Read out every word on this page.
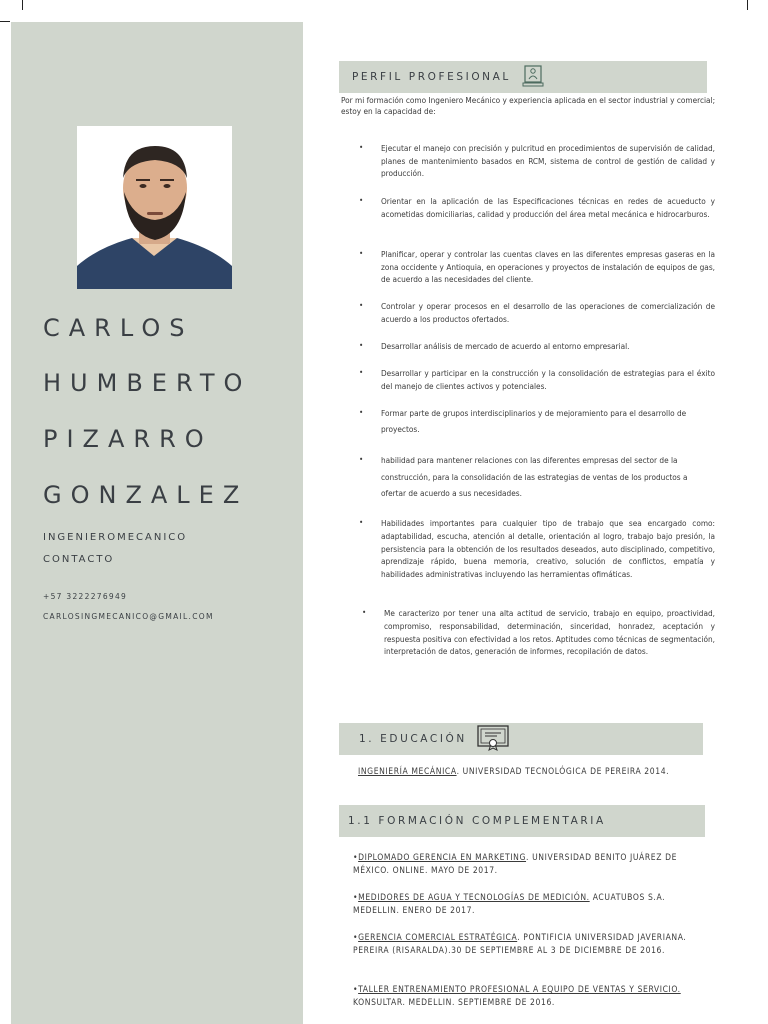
CARLOS
HUMBERTO
PIZARRO
GONZALEZ
INGENIEROMECANICO
CONTACTO
+57 3222276949
CARLOSINGMECANICO@GMAIL.COM
PERFIL PROFESIONAL

Por mi formación como Ingeniero Mecánico y experiencia aplicada en el sector industrial y comercial; estoy en la capacidad de:

•	Ejecutar el manejo con precisión y pulcritud en procedimientos de supervisión de calidad, planes de mantenimiento basados en RCM, sistema de control de gestión de calidad y producción.
•	Orientar en la aplicación de las Especificaciones técnicas en redes de acueducto y acometidas domiciliarias, calidad y producción del área metal mecánica e hidrocarburos.
•	Planificar, operar y controlar las cuentas claves en las diferentes empresas gaseras en la zona occidente y Antioquia, en operaciones y proyectos de instalación de equipos de gas, de acuerdo a las necesidades del cliente.
•	Controlar y operar procesos en el desarrollo de las operaciones de comercialización de acuerdo a los productos ofertados.
•	Desarrollar análisis de mercado de acuerdo al entorno empresarial.
•	Desarrollar y participar en la construcción y la consolidación de estrategias para el éxito del manejo de clientes activos y potenciales.
•	Formar parte de grupos interdisciplinarios y de mejoramiento para el desarrollo de proyectos.
•	habilidad para mantener relaciones con las diferentes empresas del sector de la construcción, para la consolidación de las estrategias de ventas de los productos a ofertar de acuerdo a sus necesidades.
•	Habilidades importantes para cualquier tipo de trabajo que sea encargado como: adaptabilidad, escucha, atención al detalle, orientación al logro, trabajo bajo presión, la persistencia para la obtención de los resultados deseados, auto disciplinado, competitivo, aprendizaje rápido, buena memoria, creativo, solución de conflictos, empatía y habilidades administrativas incluyendo las herramientas ofimáticas.
•	Me caracterizo por tener una alta actitud de servicio, trabajo en equipo, proactividad, compromiso, responsabilidad, determinación, sinceridad, honradez, aceptación y respuesta positiva con efectividad a los retos. Aptitudes como técnicas de segmentación, interpretación de datos, generación de informes, recopilación de datos.
1. EDUCACIÓN

INGENIERÍA MECÁNICA. UNIVERSIDAD TECNOLÓGICA DE PEREIRA 2014.

1.1 FORMACIÓN COMPLEMENTARIA

•DIPLOMADO GERENCIA EN MARKETING. UNIVERSIDAD BENITO JUÁREZ DE MÉXICO. ONLINE. MAYO DE 2017.

•MEDIDORES DE AGUA Y TECNOLOGÍAS DE MEDICIÓN. ACUATUBOS S.A. MEDELLIN. ENERO DE 2017.

•GERENCIA COMERCIAL ESTRATÉGICA. PONTIFICIA UNIVERSIDAD JAVERIANA. PEREIRA (RISARALDA).30 DE SEPTIEMBRE AL 3 DE DICIEMBRE DE 2016.

•TALLER ENTRENAMIENTO PROFESIONAL A EQUIPO DE VENTAS Y SERVICIO. KONSULTAR. MEDELLIN. SEPTIEMBRE DE 2016.
